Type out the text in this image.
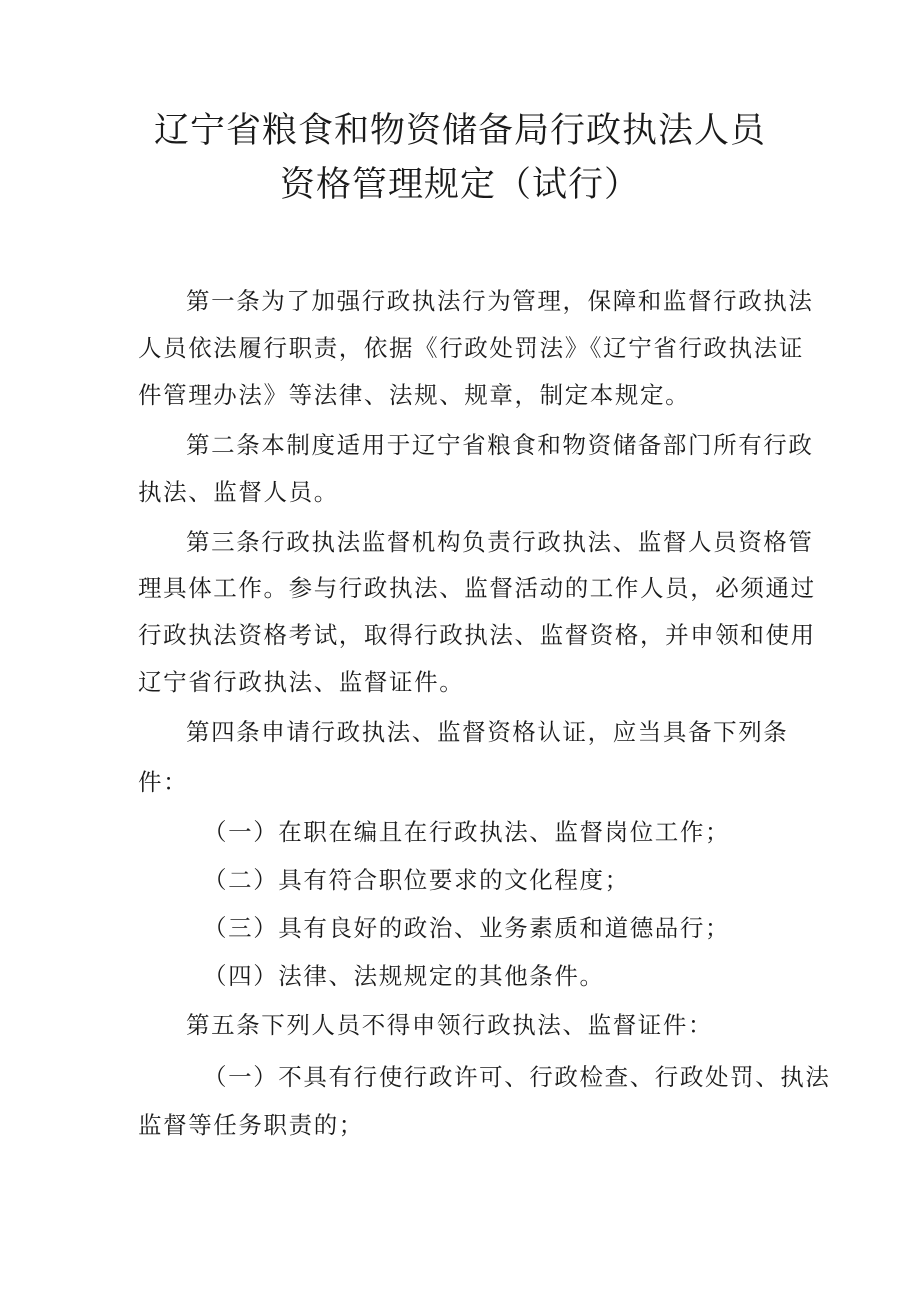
辽宁省粮食和物资储备局行政执法人员
资格管理规定（试行）
第一条为了加强行政执法行为管理，保障和监督行政执法
人员依法履行职责，依据《行政处罚法》《辽宁省行政执法证
件管理办法》等法律、法规、规章，制定本规定。
第二条本制度适用于辽宁省粮食和物资储备部门所有行政
执法、监督人员。
第三条行政执法监督机构负责行政执法、监督人员资格管
理具体工作。参与行政执法、监督活动的工作人员，必须通过
行政执法资格考试，取得行政执法、监督资格，并申领和使用
辽宁省行政执法、监督证件。
第四条申请行政执法、监督资格认证，应当具备下列条
件：
（一）在职在编且在行政执法、监督岗位工作；
（二）具有符合职位要求的文化程度；
（三）具有良好的政治、业务素质和道德品行；
（四）法律、法规规定的其他条件。
第五条下列人员不得申领行政执法、监督证件：
（一）不具有行使行政许可、行政检查、行政处罚、执法
监督等任务职责的；
